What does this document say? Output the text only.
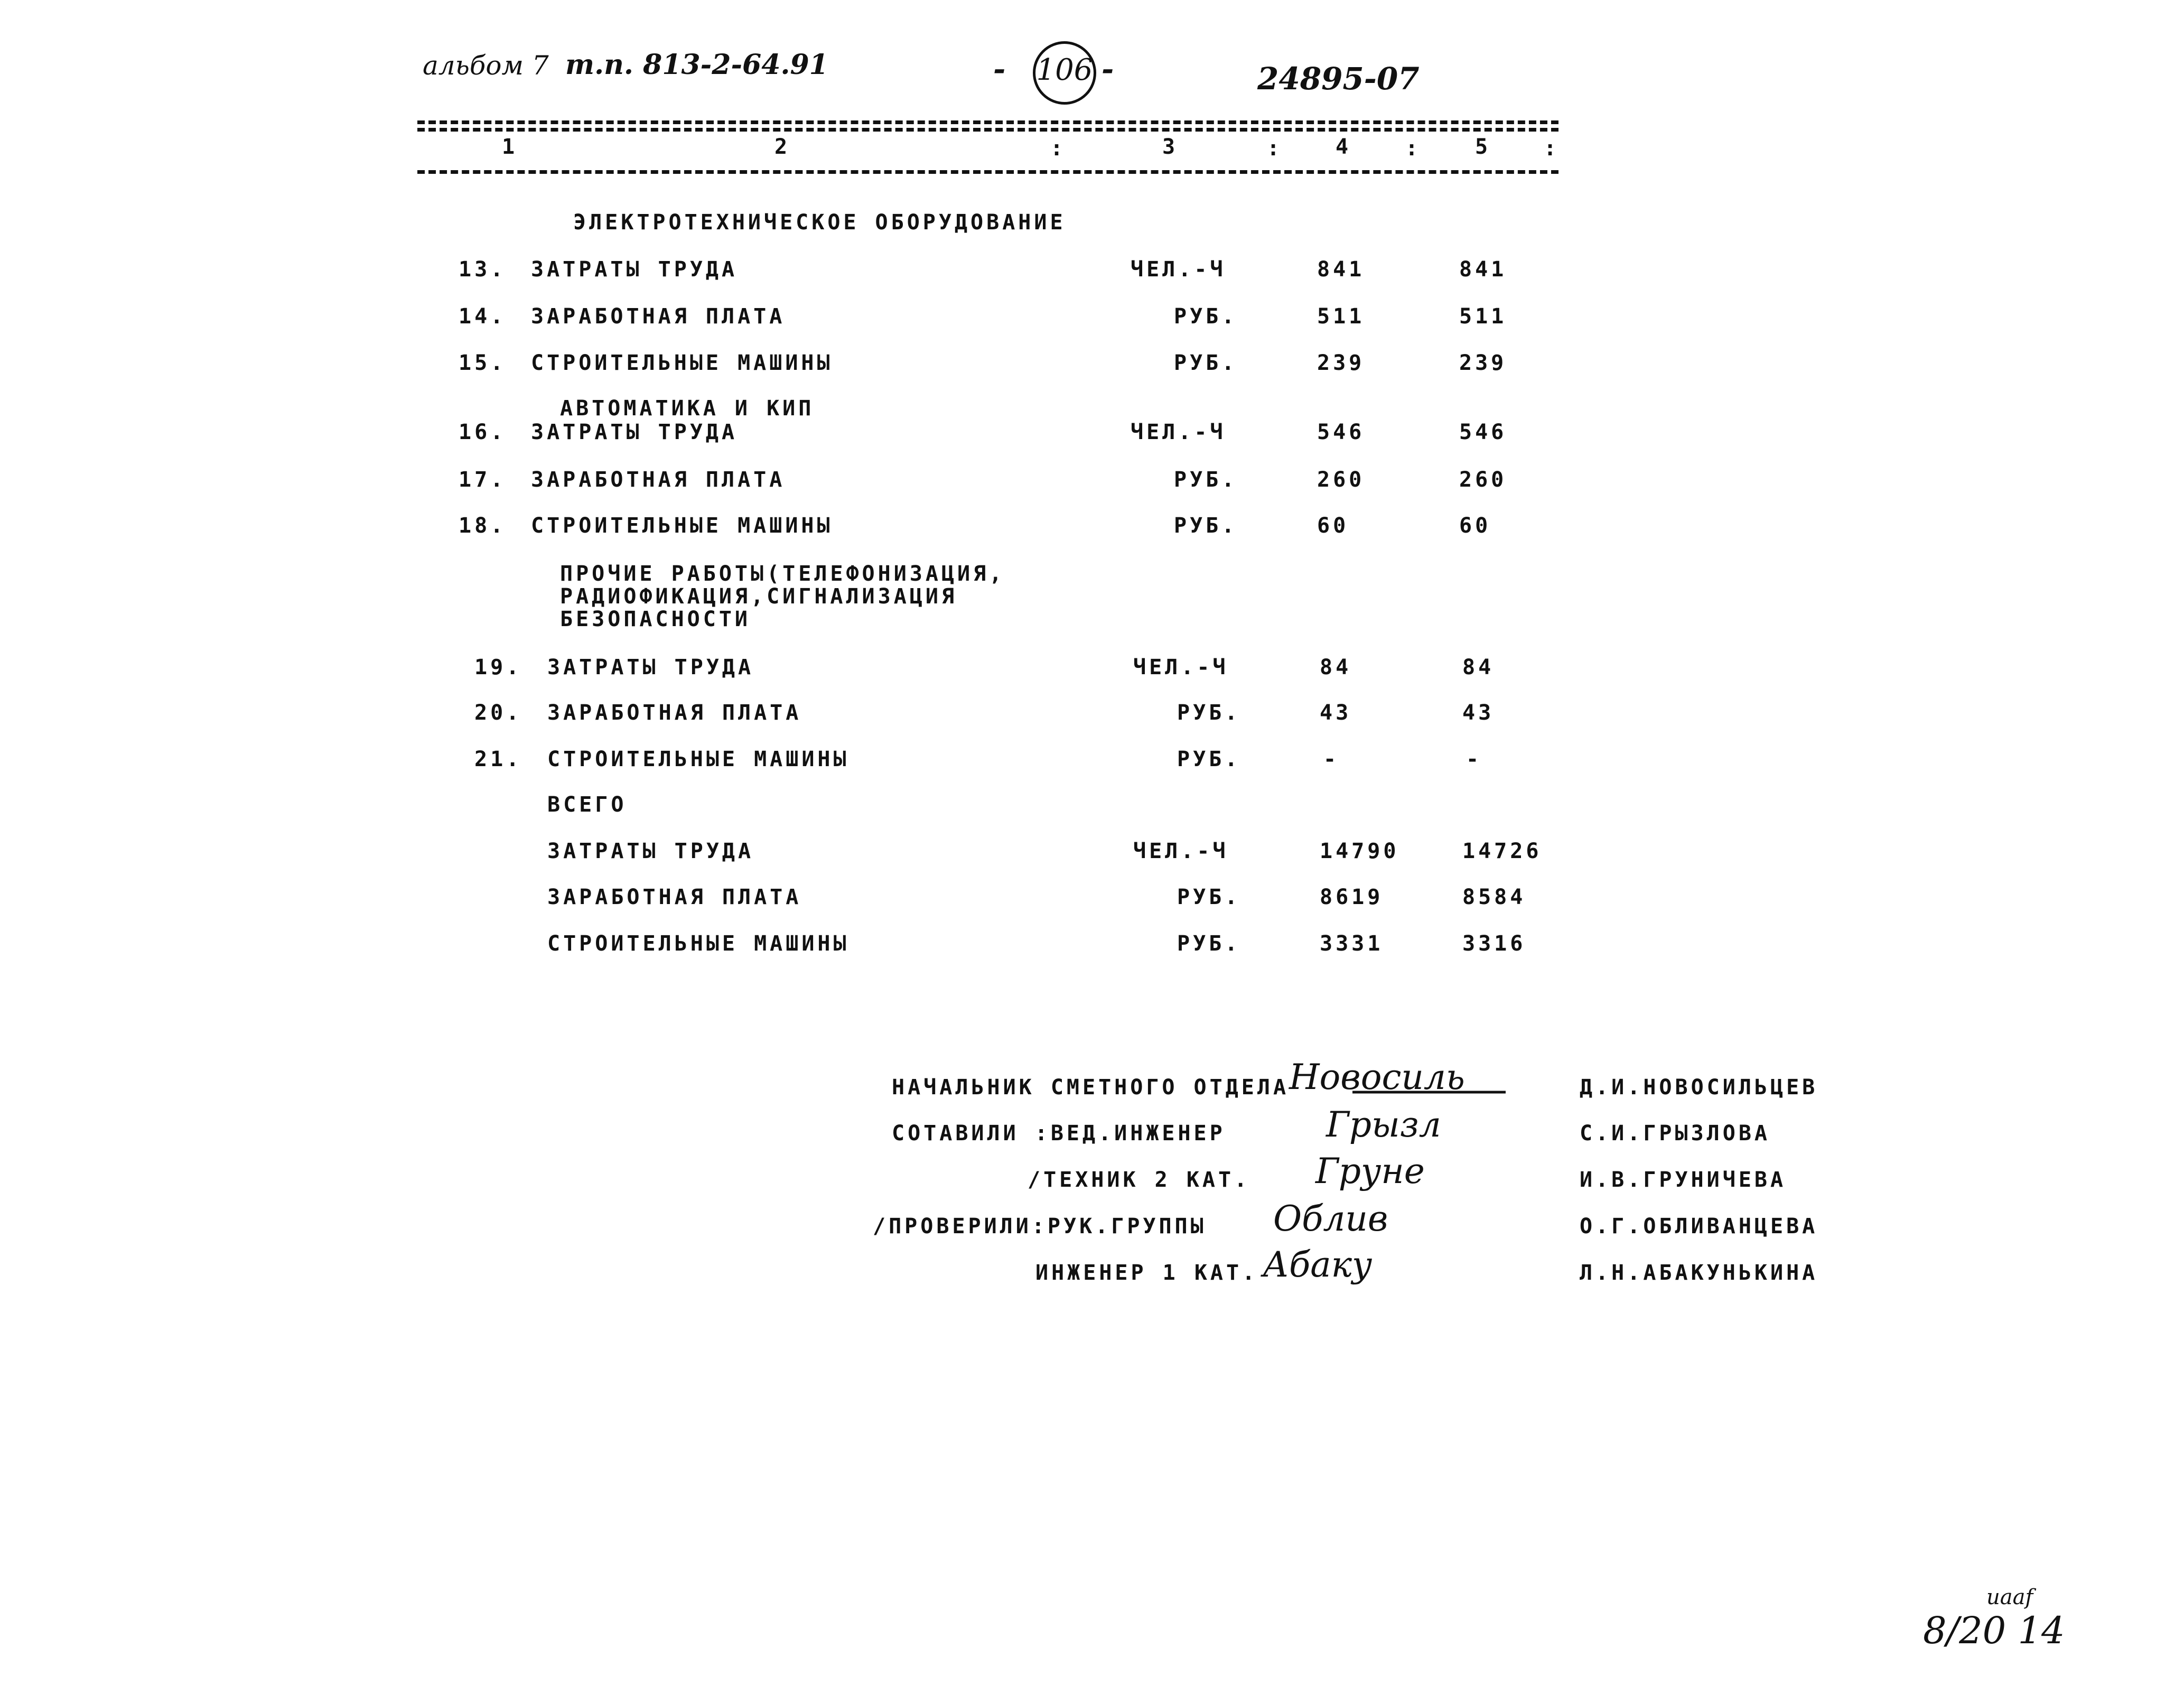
альбом 7 т.п. 813-2-64.91	- 106 -	24895-07
1	2	:	3	: 4	:	5 :
ЭЛЕКТРОТЕХНИЧЕСКОЕ ОБОРУДОВАНИЕ
13. ЗАТРАТЫ ТРУДА	ЧЕЛ.-Ч	841	841
14. ЗАРАБОТНАЯ ПЛАТА	РУБ.	511	511
15. СТРОИТЕЛЬНЫЕ МАШИНЫ	РУБ.	239	239
АВТОМАТИКА И КИП
16. ЗАТРАТЫ ТРУДА	ЧЕЛ.-Ч	546	546
17. ЗАРАБОТНАЯ ПЛАТА	РУБ.	260	260
18. СТРОИТЕЛЬНЫЕ МАШИНЫ	РУБ.	60	60
ПРОЧИЕ РАБОТЫ(ТЕЛЕФОНИЗАЦИЯ,
РАДИОФИКАЦИЯ,СИГНАЛИЗАЦИЯ
БЕЗОПАСНОСТИ
19. ЗАТРАТЫ ТРУДА	ЧЕЛ.-Ч	84	84
20. ЗАРАБОТНАЯ ПЛАТА	РУБ.	43	43
21. СТРОИТЕЛЬНЫЕ МАШИНЫ	РУБ.	-	-
ВСЕГО
ЗАТРАТЫ ТРУДА	ЧЕЛ.-Ч	14790	14726
ЗАРАБОТНАЯ ПЛАТА	РУБ.	8619	8584
СТРОИТЕЛЬНЫЕ МАШИНЫ	РУБ.	3331	3316
НАЧАЛЬНИК СМЕТНОГО ОТДЕЛА Новосиль	Д.И.НОВОСИЛЬЦЕВ
СОТАВИЛИ :ВЕД.ИНЖЕНЕР	Грызл	С.И.ГРЫЗЛОВА
/ТЕХНИК 2 КАТ. Груне	И.В.ГРУНИЧЕВА
/ПРОВЕРИЛИ:РУК.ГРУППЫ Облив	О.Г.ОБЛИВАНЦЕВА
ИНЖЕНЕР 1 КАТ. Абаку	Л.Н.АБАКУНЬКИНА
uaaf
8/20 14
